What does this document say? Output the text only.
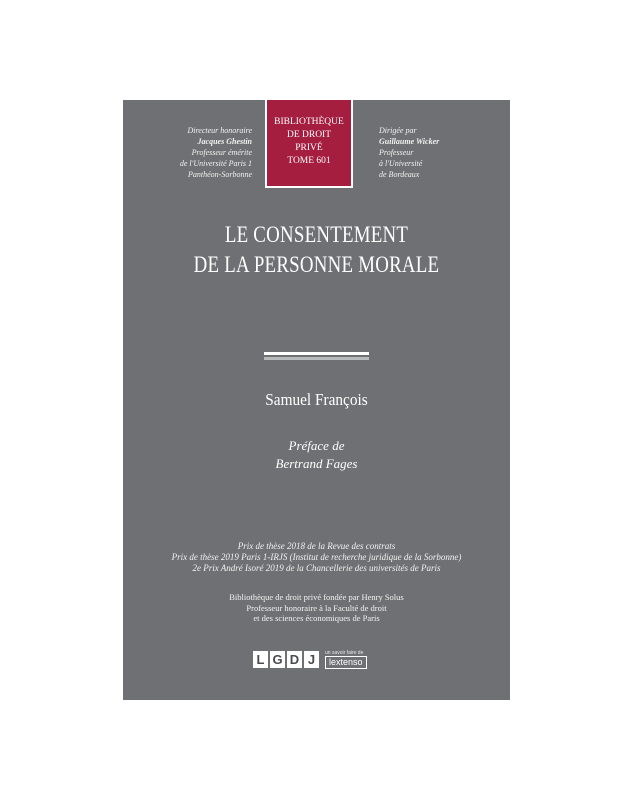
Directeur honoraire
Jacques Ghestin
Professeur émérite
de l'Université Paris 1
Panthéon-Sorbonne
BIBLIOTHÈQUE
DE DROIT
PRIVÉ
TOME 601
Dirigée par
Guillaume Wicker
Professeur
à l'Université
de Bordeaux
LE CONSENTEMENT
DE LA PERSONNE MORALE
Samuel François
Préface de
Bertrand Fages
Prix de thèse 2018 de la Revue des contrats
Prix de thèse 2019 Paris 1-IRJS (Institut de recherche juridique de la Sorbonne)
2e Prix André Isoré 2019 de la Chancellerie des universités de Paris
Bibliothèque de droit privé fondée par Henry Solus
Professeur honoraire à la Faculté de droit
et des sciences économiques de Paris
L G D J	un savoir faire de
lextenso
